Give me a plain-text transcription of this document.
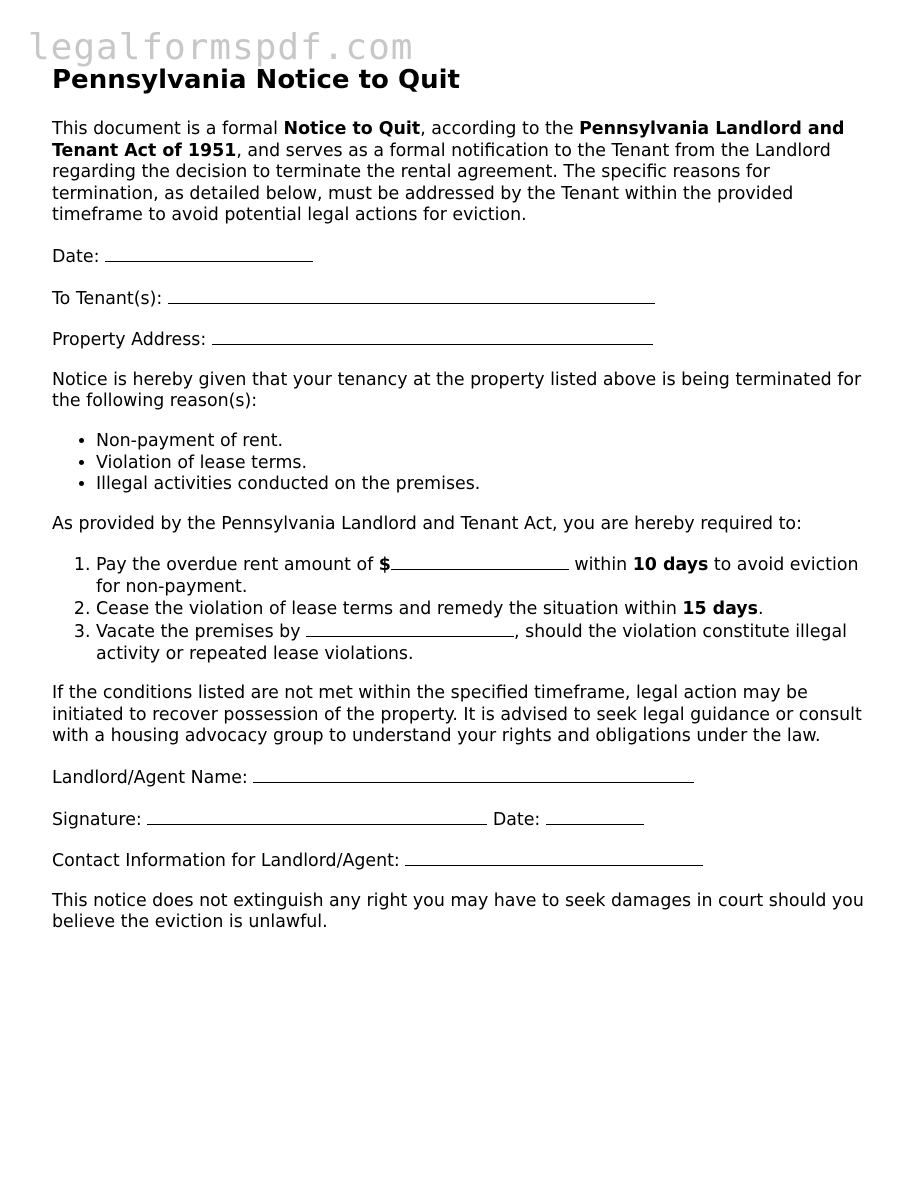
legalformspdf.com
Pennsylvania Notice to Quit

This document is a formal Notice to Quit, according to the Pennsylvania Landlord and Tenant Act of 1951, and serves as a formal notification to the Tenant from the Landlord regarding the decision to terminate the rental agreement. The specific reasons for termination, as detailed below, must be addressed by the Tenant within the provided timeframe to avoid potential legal actions for eviction.

Date:

To Tenant(s):

Property Address:

Notice is hereby given that your tenancy at the property listed above is being terminated for the following reason(s):

• Non-payment of rent.
• Violation of lease terms.
• Illegal activities conducted on the premises.

As provided by the Pennsylvania Landlord and Tenant Act, you are hereby required to:

1. Pay the overdue rent amount of $	within 10 days to avoid eviction for non-payment.
2. Cease the violation of lease terms and remedy the situation within 15 days.
3. Vacate the premises by	, should the violation constitute illegal activity or repeated lease violations.

If the conditions listed are not met within the specified timeframe, legal action may be initiated to recover possession of the property. It is advised to seek legal guidance or consult with a housing advocacy group to understand your rights and obligations under the law.

Landlord/Agent Name:

Signature:	Date:

Contact Information for Landlord/Agent:

This notice does not extinguish any right you may have to seek damages in court should you believe the eviction is unlawful.
